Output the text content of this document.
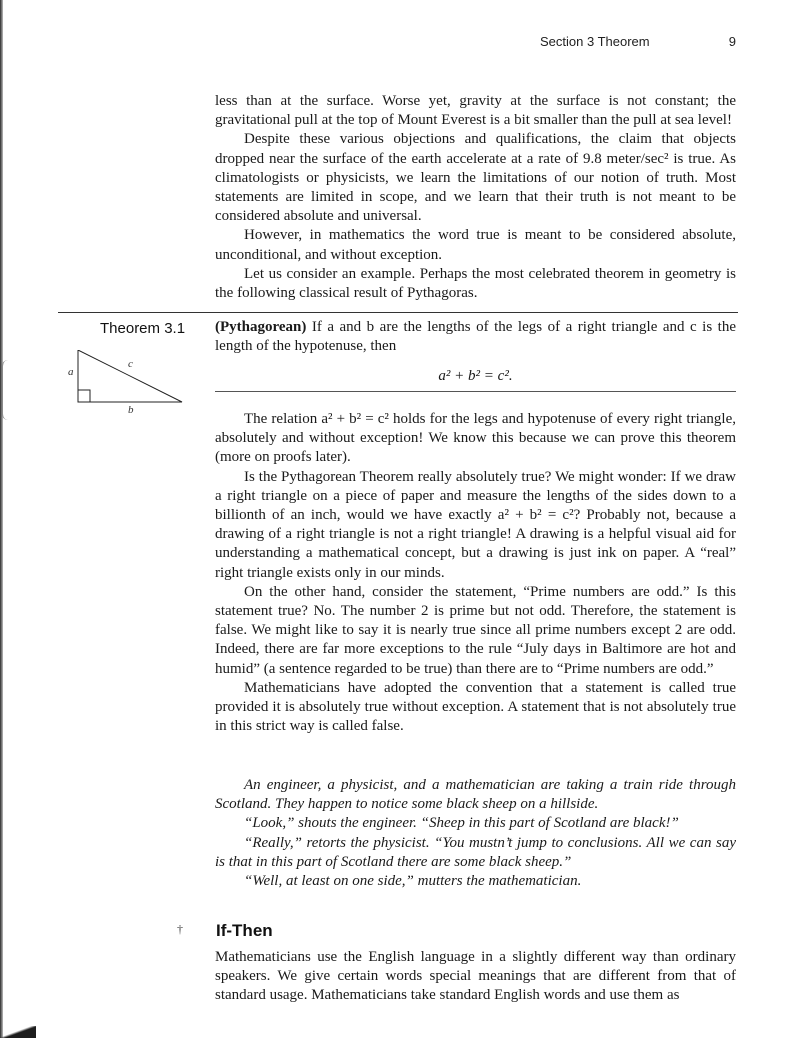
Section 3 Theorem	9

less than at the surface. Worse yet, gravity at the surface is not constant; the gravitational pull at the top of Mount Everest is a bit smaller than the pull at sea level!

Despite these various objections and qualifications, the claim that objects dropped near the surface of the earth accelerate at a rate of 9.8 meter/sec² is true. As climatologists or physicists, we learn the limitations of our notion of truth. Most statements are limited in scope, and we learn that their truth is not meant to be considered absolute and universal.

However, in mathematics the word true is meant to be considered absolute, unconditional, and without exception.

Let us consider an example. Perhaps the most celebrated theorem in geometry is the following classical result of Pythagoras.

Theorem 3.1 (Pythagorean) If a and b are the lengths of the legs of a right triangle and c is the length of the hypotenuse, then

a² + b² = c².
a
c
b

The relation a² + b² = c² holds for the legs and hypotenuse of every right triangle, absolutely and without exception! We know this because we can prove this theorem (more on proofs later).

Is the Pythagorean Theorem really absolutely true? We might wonder: If we draw a right triangle on a piece of paper and measure the lengths of the sides down to a billionth of an inch, would we have exactly a² + b² = c²? Probably not, because a drawing of a right triangle is not a right triangle! A drawing is a helpful visual aid for understanding a mathematical concept, but a drawing is just ink on paper. A “real” right triangle exists only in our minds.

On the other hand, consider the statement, “Prime numbers are odd.” Is this statement true? No. The number 2 is prime but not odd. Therefore, the statement is false. We might like to say it is nearly true since all prime numbers except 2 are odd. Indeed, there are far more exceptions to the rule “July days in Baltimore are hot and humid” (a sentence regarded to be true) than there are to “Prime numbers are odd.”

Mathematicians have adopted the convention that a statement is called true provided it is absolutely true without exception. A statement that is not absolutely true in this strict way is called false.

An engineer, a physicist, and a mathematician are taking a train ride through Scotland. They happen to notice some black sheep on a hillside.

“Look,” shouts the engineer. “Sheep in this part of Scotland are black!”

“Really,” retorts the physicist. “You mustn’t jump to conclusions. All we can say is that in this part of Scotland there are some black sheep.”

“Well, at least on one side,” mutters the mathematician.

† If-Then

Mathematicians use the English language in a slightly different way than ordinary speakers. We give certain words special meanings that are different from that of standard usage. Mathematicians take standard English words and use them as
